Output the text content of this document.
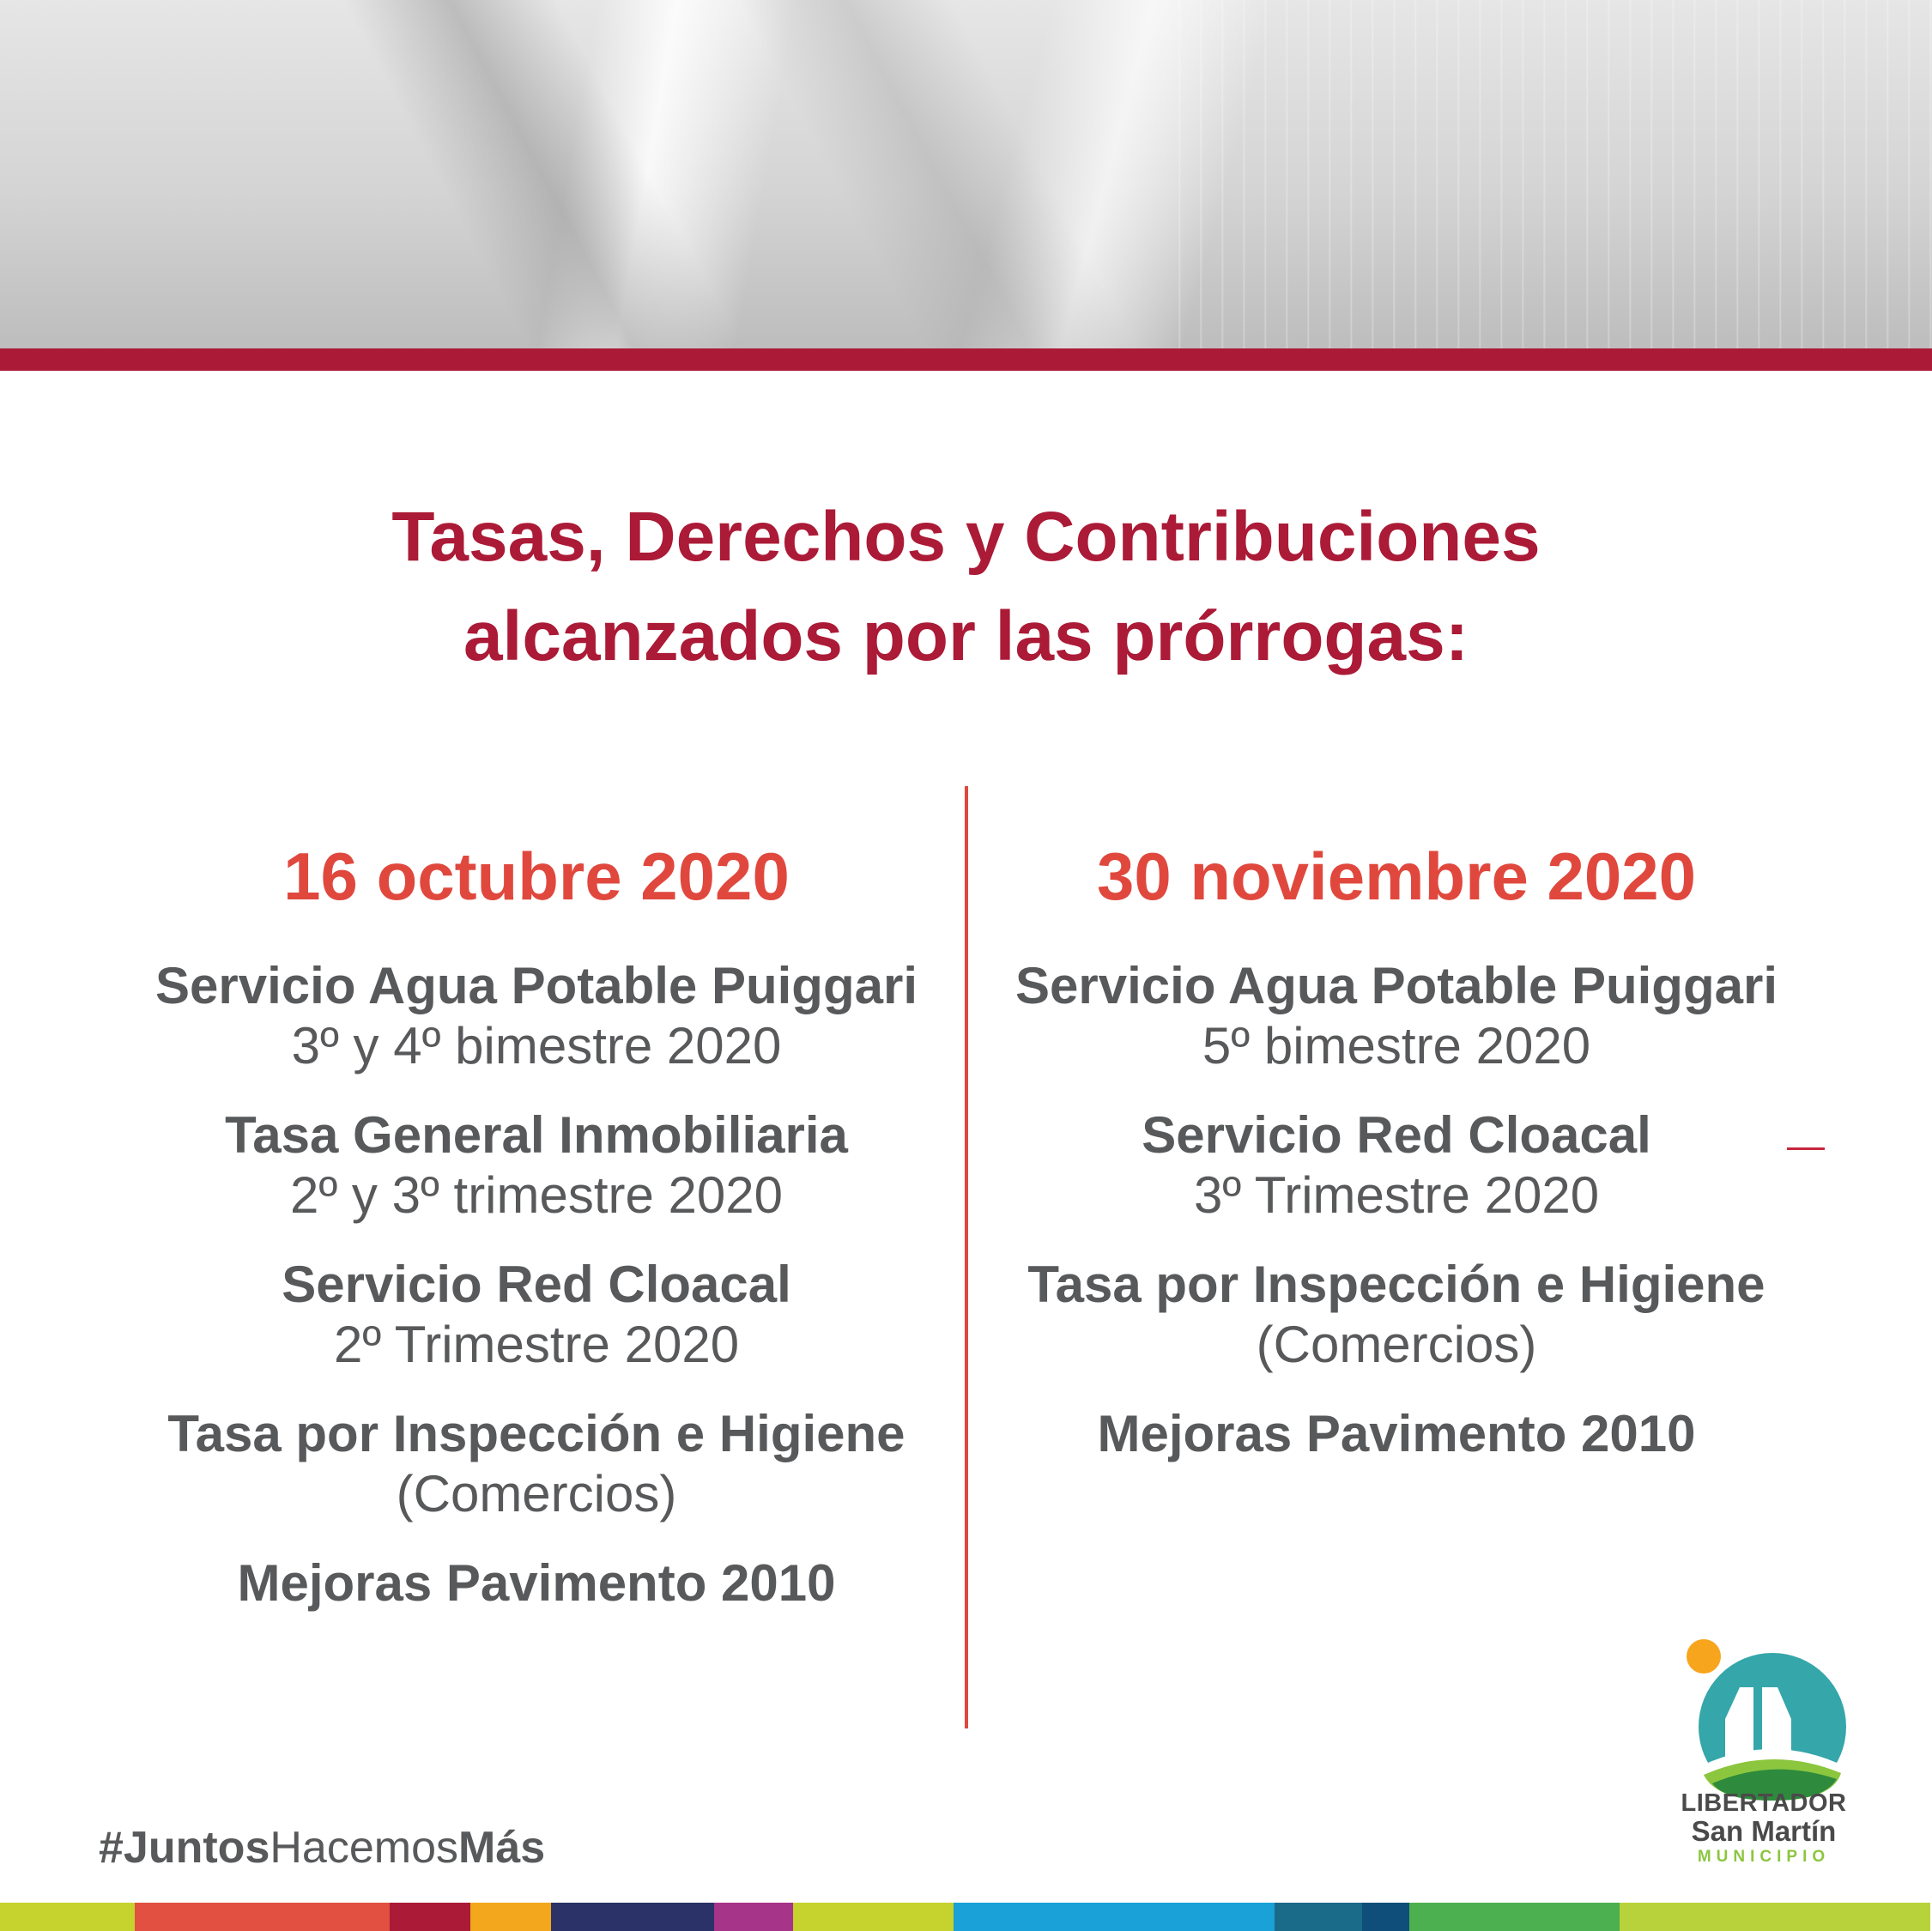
Tasas, Derechos y Contribuciones
alcanzados por las prórrogas:
16 octubre 2020
Servicio Agua Potable Puiggari
3º y 4º bimestre 2020
Tasa General Inmobiliaria
2º y 3º trimestre 2020
Servicio Red Cloacal
2º Trimestre 2020
Tasa por Inspección e Higiene
(Comercios)
Mejoras Pavimento 2010
30 noviembre 2020
Servicio Agua Potable Puiggari
5º bimestre 2020
Servicio Red Cloacal
3º Trimestre 2020
Tasa por Inspección e Higiene
(Comercios)
Mejoras Pavimento 2010
#JuntosHacemosMás
LIBERTADOR
San Martín
MUNICIPIO
